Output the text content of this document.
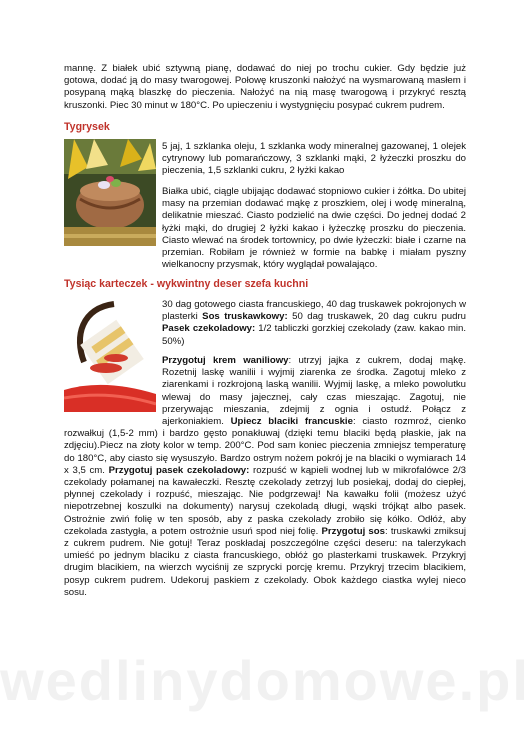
mannę. Z białek ubić sztywną pianę, dodawać do niej po trochu cukier. Gdy będzie już gotowa, dodać ją do masy twarogowej. Połowę kruszonki nałożyć na wysmarowaną masłem i posypaną mąką blaszkę do pieczenia. Nałożyć na nią masę twarogową i przykryć resztą kruszonki. Piec 30 minut w 180°C. Po upieczeniu i wystygnięciu posypać cukrem pudrem.

Tygrysek

5 jaj, 1 szklanka oleju, 1 szklanka wody mineralnej gazowanej, 1 olejek cytrynowy lub pomarańczowy, 3 szklanki mąki, 2 łyżeczki proszku do pieczenia, 1,5 szklanki cukru, 2 łyżki kakao

Białka ubić, ciągle ubijając dodawać stopniowo cukier i żółtka. Do ubitej masy na przemian dodawać mąkę z proszkiem, olej i wodę mineralną, delikatnie mieszać. Ciasto podzielić na dwie części. Do jednej dodać 2 łyżki mąki, do drugiej 2 łyżki kakao i łyżeczkę proszku do pieczenia. Ciasto wlewać na środek tortownicy, po dwie łyżeczki: białe i czarne na przemian. Robiłam je również w formie na babkę i miałam pyszny wielkanocny przysmak, który wyglądał powalająco.

Tysiąc karteczek - wykwintny deser szefa kuchni

30 dag gotowego ciasta francuskiego, 40 dag truskawek pokrojonych w plasterki Sos truskawkowy: 50 dag truskawek, 20 dag cukru pudru Pasek czekoladowy: 1/2 tabliczki gorzkiej czekolady (zaw. kakao min. 50%)

Przygotuj krem waniliowy: utrzyj jajka z cukrem, dodaj mąkę. Rozetnij laskę wanilii i wyjmij ziarenka ze środka. Zagotuj mleko z ziarenkami i rozkrojoną laską wanilii. Wyjmij laskę, a mleko powolutku wlewaj do masy jajecznej, cały czas mieszając. Zagotuj, nie przerywając mieszania, zdejmij z ognia i ostudź. Połącz z ajerkoniakiem. Upiecz blaciki francuskie: ciasto rozmroź, cienko rozwałkuj (1,5-2 mm) i bardzo gęsto ponakłuwaj (dzięki temu blaciki będą płaskie, jak na zdjęciu).Piecz na złoty kolor w temp. 200°C. Pod sam koniec pieczenia zmniejsz temperaturę do 180°C, aby ciasto się wysuszyło. Bardzo ostrym nożem pokrój je na blaciki o wymiarach 14 x 3,5 cm. Przygotuj pasek czekoladowy: rozpuść w kąpieli wodnej lub w mikrofalówce 2/3 czekolady połamanej na kawałeczki. Resztę czekolady zetrzyj lub posiekaj, dodaj do ciepłej, płynnej czekolady i rozpuść, mieszając. Nie podgrzewaj! Na kawałku folii (możesz użyć niepotrzebnej koszulki na dokumenty) narysuj czekoladą długi, wąski trójkąt albo pasek. Ostrożnie zwiń folię w ten sposób, aby z paska czekolady zrobiło się kółko. Odłóż, aby czekolada zastygła, a potem ostrożnie usuń spod niej folię. Przygotuj sos: truskawki zmiksuj z cukrem pudrem. Nie gotuj! Teraz poskładaj poszczególne części deseru: na talerzykach umieść po jednym blaciku z ciasta francuskiego, obłóż go plasterkami truskawek. Przykryj drugim blacikiem, na wierzch wyciśnij ze szprycki porcję kremu. Przykryj trzecim blacikiem, posyp cukrem pudrem. Udekoruj paskiem z czekolady. Obok każdego ciastka wylej nieco sosu.

wedlinydomowe.pl
